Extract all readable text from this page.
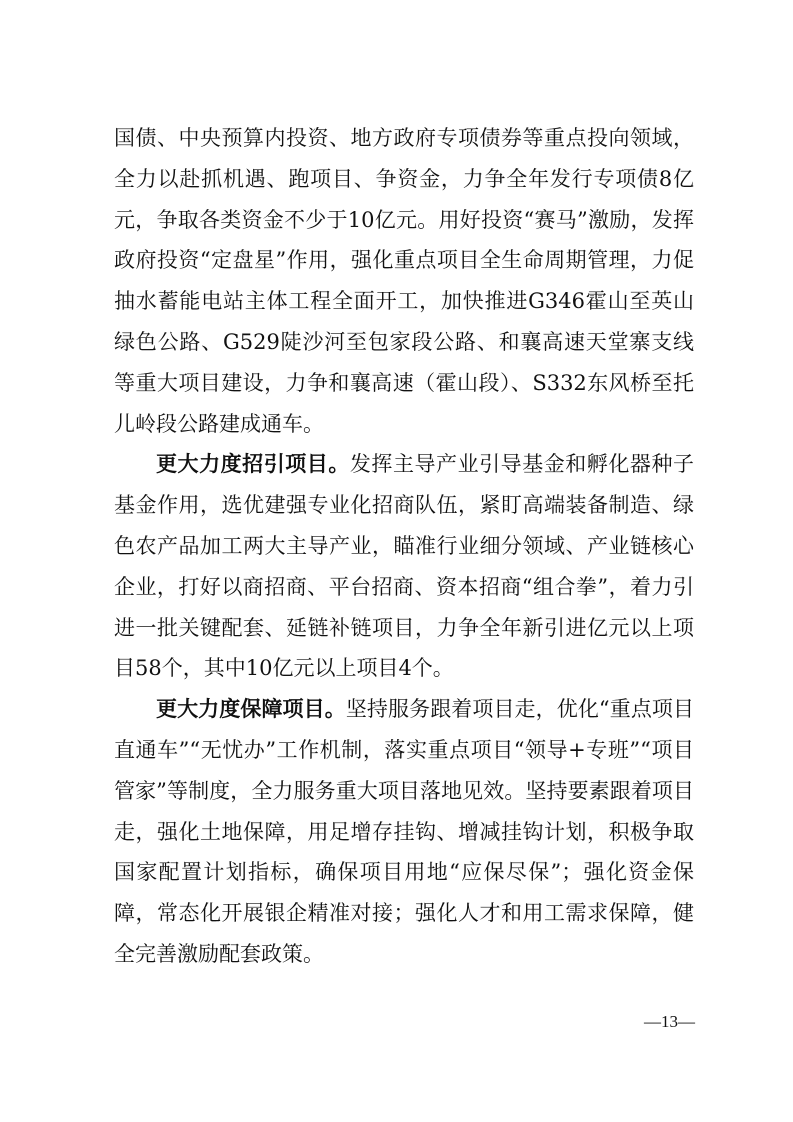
国债、中央预算内投资、地方政府专项债券等重点投向领域，全力以赴抓机遇、跑项目、争资金，力争全年发行专项债8亿元，争取各类资金不少于10亿元。用好投资“赛马”激励，发挥政府投资“定盘星”作用，强化重点项目全生命周期管理，力促抽水蓄能电站主体工程全面开工，加快推进G346霍山至英山绿色公路、G529陡沙河至包家段公路、和襄高速天堂寨支线等重大项目建设，力争和襄高速（霍山段）、S332东风桥至托儿岭段公路建成通车。

更大力度招引项目。发挥主导产业引导基金和孵化器种子基金作用，选优建强专业化招商队伍，紧盯高端装备制造、绿色农产品加工两大主导产业，瞄准行业细分领域、产业链核心企业，打好以商招商、平台招商、资本招商“组合拳”，着力引进一批关键配套、延链补链项目，力争全年新引进亿元以上项目58个，其中10亿元以上项目4个。

更大力度保障项目。坚持服务跟着项目走，优化“重点项目直通车”“无忧办”工作机制，落实重点项目“领导+专班”“项目管家”等制度，全力服务重大项目落地见效。坚持要素跟着项目走，强化土地保障，用足增存挂钩、增减挂钩计划，积极争取国家配置计划指标，确保项目用地“应保尽保”；强化资金保障，常态化开展银企精准对接；强化人才和用工需求保障，健全完善激励配套政策。

—13—
